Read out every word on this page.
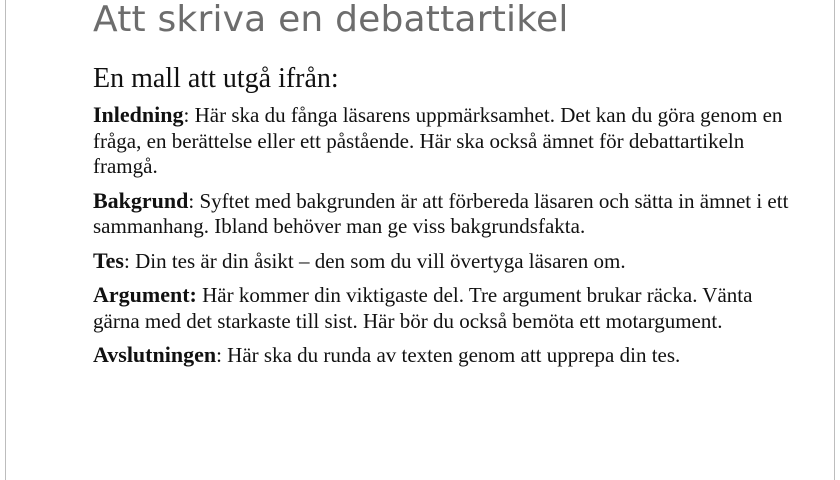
Att skriva en debattartikel
En mall att utgå ifrån:

Inledning: Här ska du fånga läsarens uppmärksamhet. Det kan du göra genom en fråga, en berättelse eller ett påstående. Här ska också ämnet för debattartikeln framgå.

Bakgrund: Syftet med bakgrunden är att förbereda läsaren och sätta in ämnet i ett sammanhang. Ibland behöver man ge viss bakgrundsfakta.

Tes: Din tes är din åsikt – den som du vill övertyga läsaren om.

Argument: Här kommer din viktigaste del. Tre argument brukar räcka. Vänta gärna med det starkaste till sist. Här bör du också bemöta ett motargument.

Avslutningen: Här ska du runda av texten genom att upprepa din tes.
